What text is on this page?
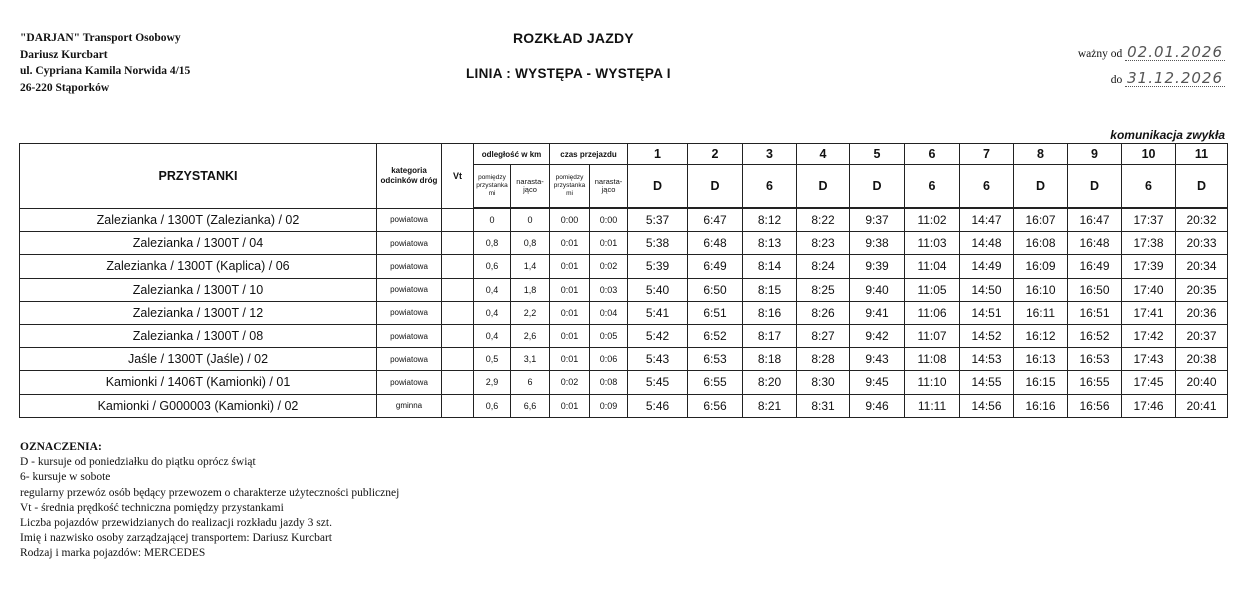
"DARJAN" Transport Osobowy
Dariusz Kurcbart
ul. Cypriana Kamila Norwida 4/15
26-220 Stąporków
ROZKŁAD JAZDY
LINIA : WYSTĘPA - WYSTĘPA I
ważny od 02.01.2026
do 31.12.2026
komunikacja zwykła
PRZYSTANKI	kategoria odcinków dróg	Vt	odległość w km		czas przejazdu		1	2	3	4	5	6	7	8	9	10	11
			pomiędzy przystanka mi	narasta-jąco	pomiędzy przystanka mi	narasta-jąco	D	D	6	D	D	6	6	D	D	6	D
Zalezianka / 1300T (Zalezianka) / 02	powiatowa		0	0	0:00	0:00	5:37	6:47	8:12	8:22	9:37	11:02	14:47	16:07	16:47	17:37	20:32
Zalezianka / 1300T / 04	powiatowa		0,8	0,8	0:01	0:01	5:38	6:48	8:13	8:23	9:38	11:03	14:48	16:08	16:48	17:38	20:33
Zalezianka / 1300T (Kaplica) / 06	powiatowa		0,6	1,4	0:01	0:02	5:39	6:49	8:14	8:24	9:39	11:04	14:49	16:09	16:49	17:39	20:34
Zalezianka / 1300T / 10	powiatowa		0,4	1,8	0:01	0:03	5:40	6:50	8:15	8:25	9:40	11:05	14:50	16:10	16:50	17:40	20:35
Zalezianka / 1300T / 12	powiatowa		0,4	2,2	0:01	0:04	5:41	6:51	8:16	8:26	9:41	11:06	14:51	16:11	16:51	17:41	20:36
Zalezianka / 1300T / 08	powiatowa		0,4	2,6	0:01	0:05	5:42	6:52	8:17	8:27	9:42	11:07	14:52	16:12	16:52	17:42	20:37
Jaśle / 1300T (Jaśle) / 02	powiatowa		0,5	3,1	0:01	0:06	5:43	6:53	8:18	8:28	9:43	11:08	14:53	16:13	16:53	17:43	20:38
Kamionki / 1406T (Kamionki) / 01	powiatowa		2,9	6	0:02	0:08	5:45	6:55	8:20	8:30	9:45	11:10	14:55	16:15	16:55	17:45	20:40
Kamionki / G000003 (Kamionki) / 02	gminna		0,6	6,6	0:01	0:09	5:46	6:56	8:21	8:31	9:46	11:11	14:56	16:16	16:56	17:46	20:41
OZNACZENIA:
D - kursuje od poniedziałku do piątku oprócz świąt
6- kursuje w sobote
regularny przewóz osób będący przewozem o charakterze użyteczności publicznej
Vt - średnia prędkość techniczna pomiędzy przystankami
Liczba pojazdów przewidzianych do realizacji rozkładu jazdy 3 szt.
Imię i nazwisko osoby zarządzającej transportem: Dariusz Kurcbart
Rodzaj i marka pojazdów: MERCEDES
